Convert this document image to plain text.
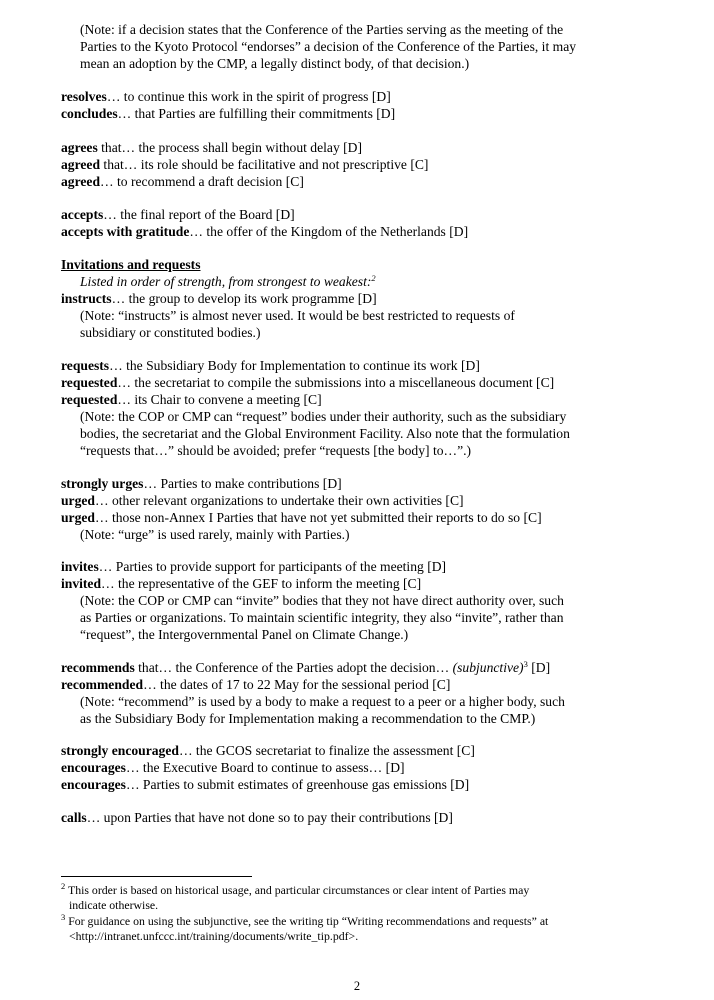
(Note: if a decision states that the Conference of the Parties serving as the meeting of the
Parties to the Kyoto Protocol “endorses” a decision of the Conference of the Parties, it may
mean an adoption by the CMP, a legally distinct body, of that decision.)
resolves… to continue this work in the spirit of progress [D]
concludes… that Parties are fulfilling their commitments [D]
agrees that… the process shall begin without delay [D]
agreed that… its role should be facilitative and not prescriptive [C]
agreed… to recommend a draft decision [C]
accepts… the final report of the Board [D]
accepts with gratitude… the offer of the Kingdom of the Netherlands [D]
Invitations and requests
Listed in order of strength, from strongest to weakest:$^2$
instructs… the group to develop its work programme [D]
(Note: “instructs” is almost never used. It would be best restricted to requests of
subsidiary or constituted bodies.)
requests… the Subsidiary Body for Implementation to continue its work [D]
requested… the secretariat to compile the submissions into a miscellaneous document [C]
requested… its Chair to convene a meeting [C]
(Note: the COP or CMP can “request” bodies under their authority, such as the subsidiary
bodies, the secretariat and the Global Environment Facility. Also note that the formulation
“requests that…” should be avoided; prefer “requests [the body] to…”.)
strongly urges… Parties to make contributions [D]
urged… other relevant organizations to undertake their own activities [C]
urged… those non-Annex I Parties that have not yet submitted their reports to do so [C]
(Note: “urge” is used rarely, mainly with Parties.)
invites… Parties to provide support for participants of the meeting [D]
invited… the representative of the GEF to inform the meeting [C]
(Note: the COP or CMP can “invite” bodies that they not have direct authority over, such
as Parties or organizations. To maintain scientific integrity, they also “invite”, rather than
“request”, the Intergovernmental Panel on Climate Change.)
recommends that… the Conference of the Parties adopt the decision… (subjunctive)$^3$ [D]
recommended… the dates of 17 to 22 May for the sessional period [C]
(Note: “recommend” is used by a body to make a request to a peer or a higher body, such
as the Subsidiary Body for Implementation making a recommendation to the CMP.)
strongly encouraged… the GCOS secretariat to finalize the assessment [C]
encourages… the Executive Board to continue to assess… [D]
encourages… Parties to submit estimates of greenhouse gas emissions [D]
calls… upon Parties that have not done so to pay their contributions [D]
$^2$ This order is based on historical usage, and particular circumstances or clear intent of Parties may
indicate otherwise.
$^3$ For guidance on using the subjunctive, see the writing tip “Writing recommendations and requests” at
<http://intranet.unfccc.int/training/documents/write_tip.pdf>.
2
